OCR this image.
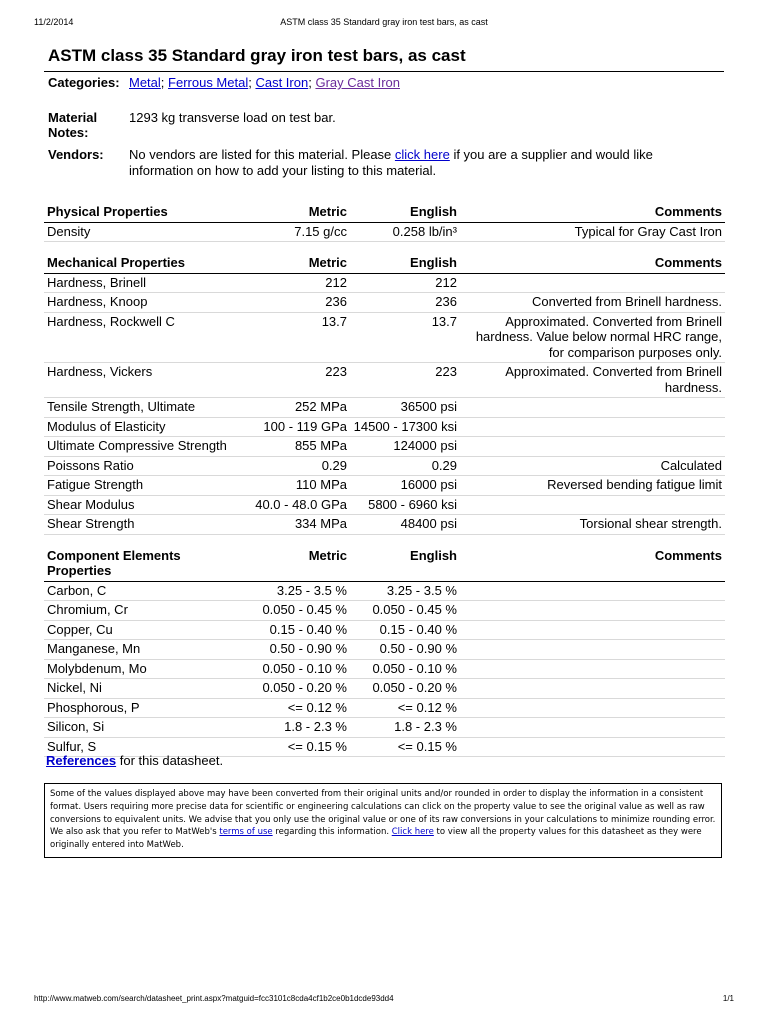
11/2/2014	ASTM class 35 Standard gray iron test bars, as cast
ASTM class 35 Standard gray iron test bars, as cast
Categories: Metal; Ferrous Metal; Cast Iron; Gray Cast Iron
Material
Notes:
1293 kg transverse load on test bar.
Vendors: No vendors are listed for this material. Please click here if you are a supplier and would like information on how to add your listing to this material.
Physical Properties	Metric	English	Comments
Density	7.15 g/cc	0.258 lb/in³	Typical for Gray Cast Iron

Mechanical Properties	Metric	English	Comments
Hardness, Brinell	212	212	
Hardness, Knoop	236	236	Converted from Brinell hardness.
Hardness, Rockwell C	13.7	13.7	Approximated. Converted from Brinell hardness. Value below normal HRC range, for comparison purposes only.
Hardness, Vickers	223	223	Approximated. Converted from Brinell hardness.
Tensile Strength, Ultimate	252 MPa	36500 psi	
Modulus of Elasticity	100 - 119 GPa	14500 - 17300 ksi	
Ultimate Compressive Strength	855 MPa	124000 psi	
Poissons Ratio	0.29	0.29	Calculated
Fatigue Strength	110 MPa	16000 psi	Reversed bending fatigue limit
Shear Modulus	40.0 - 48.0 GPa	5800 - 6960 ksi	
Shear Strength	334 MPa	48400 psi	Torsional shear strength.

Component Elements Properties	Metric	English	Comments
Carbon, C	3.25 - 3.5 %	3.25 - 3.5 %	
Chromium, Cr	0.050 - 0.45 %	0.050 - 0.45 %	
Copper, Cu	0.15 - 0.40 %	0.15 - 0.40 %	
Manganese, Mn	0.50 - 0.90 %	0.50 - 0.90 %	
Molybdenum, Mo	0.050 - 0.10 %	0.050 - 0.10 %	
Nickel, Ni	0.050 - 0.20 %	0.050 - 0.20 %	
Phosphorous, P	<= 0.12 %	<= 0.12 %	
Silicon, Si	1.8 - 2.3 %	1.8 - 2.3 %	
Sulfur, S	<= 0.15 %	<= 0.15 %	
References for this datasheet.
Some of the values displayed above may have been converted from their original units and/or rounded in order to display the information in a consistent format. Users requiring more precise data for scientific or engineering calculations can click on the property value to see the original value as well as raw conversions to equivalent units. We advise that you only use the original value or one of its raw conversions in your calculations to minimize rounding error. We also ask that you refer to MatWeb's terms of use regarding this information. Click here to view all the property values for this datasheet as they were originally entered into MatWeb.
http://www.matweb.com/search/datasheet_print.aspx?matguid=fcc3101c8cda4cf1b2ce0b1dcde93dd4	1/1
